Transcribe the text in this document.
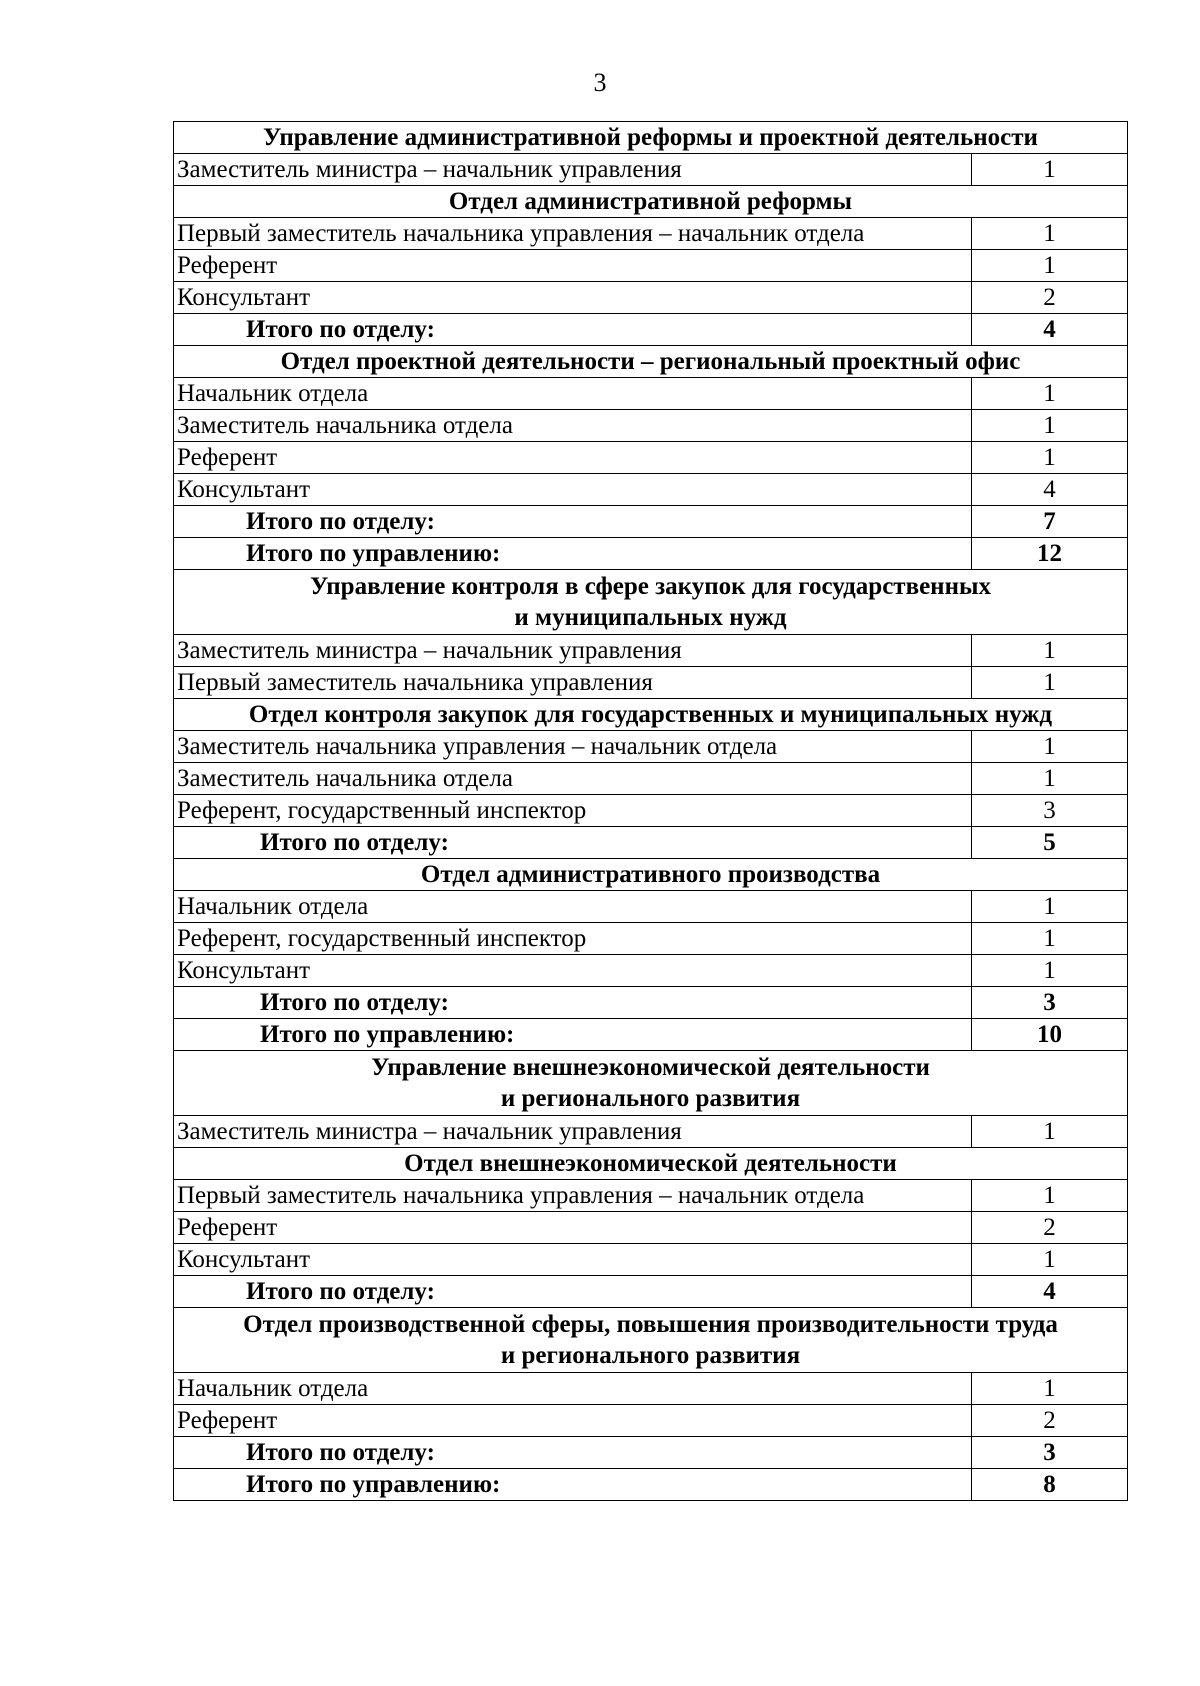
3
Управление административной реформы и проектной деятельности	
Заместитель министра – начальник управления	1
Отдел административной реформы	
Первый заместитель начальника управления – начальник отдела	1
Референт	1
Консультант	2
Итого по отделу:	4
Отдел проектной деятельности – региональный проектный офис	
Начальник отдела	1
Заместитель начальника отдела	1
Референт	1
Консультант	4
Итого по отделу:	7
Итого по управлению:	12

Управление контроля в сфере закупок для государственных
и муниципальных нужд	

Заместитель министра – начальник управления	1
Первый заместитель начальника управления	1
Отдел контроля закупок для государственных и муниципальных нужд	
Заместитель начальника управления – начальник отдела	1
Заместитель начальника отдела	1
Референт, государственный инспектор	3
Итого по отделу:	5
Отдел административного производства	
Начальник отдела	1
Референт, государственный инспектор	1
Консультант	1
Итого по отделу:	3
Итого по управлению:	10

Управление внешнеэкономической деятельности
и регионального развития	

Заместитель министра – начальник управления	1
Отдел внешнеэкономической деятельности	
Первый заместитель начальника управления – начальник отдела	1
Референт	2
Консультант	1
Итого по отделу:	4

Отдел производственной сферы, повышения производительности труда
и регионального развития	

Начальник отдела	1
Референт	2
Итого по отделу:	3
Итого по управлению:	8
